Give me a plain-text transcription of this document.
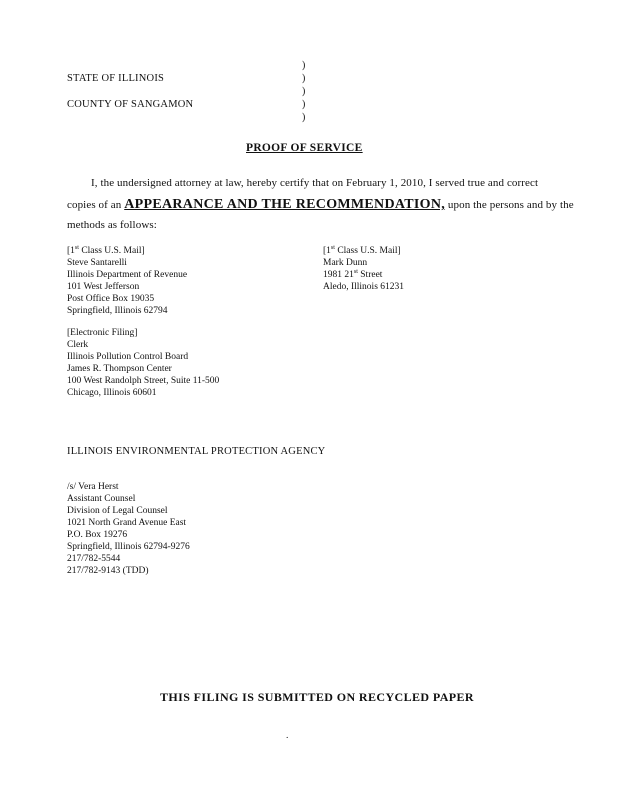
STATE OF ILLINOIS
COUNTY OF SANGAMON
)
)
)
)
)
PROOF OF SERVICE
I, the undersigned attorney at law, hereby certify that on February 1, 2010, I served true and correct
copies of an APPEARANCE AND THE RECOMMENDATION, upon the persons and by the
methods as follows:
[1st Class U.S. Mail]
Steve Santarelli
Illinois Department of Revenue
101 West Jefferson
Post Office Box 19035
Springfield, Illinois 62794
[1st Class U.S. Mail]
Mark Dunn
1981 21st Street
Aledo, Illinois 61231
[Electronic Filing]
Clerk
Illinois Pollution Control Board
James R. Thompson Center
100 West Randolph Street, Suite 11-500
Chicago, Illinois 60601
ILLINOIS ENVIRONMENTAL PROTECTION AGENCY
/s/ Vera Herst
Assistant Counsel
Division of Legal Counsel
1021 North Grand Avenue East
P.O. Box 19276
Springfield, Illinois 62794-9276
217/782-5544
217/782-9143 (TDD)
THIS FILING IS SUBMITTED ON RECYCLED PAPER
.
